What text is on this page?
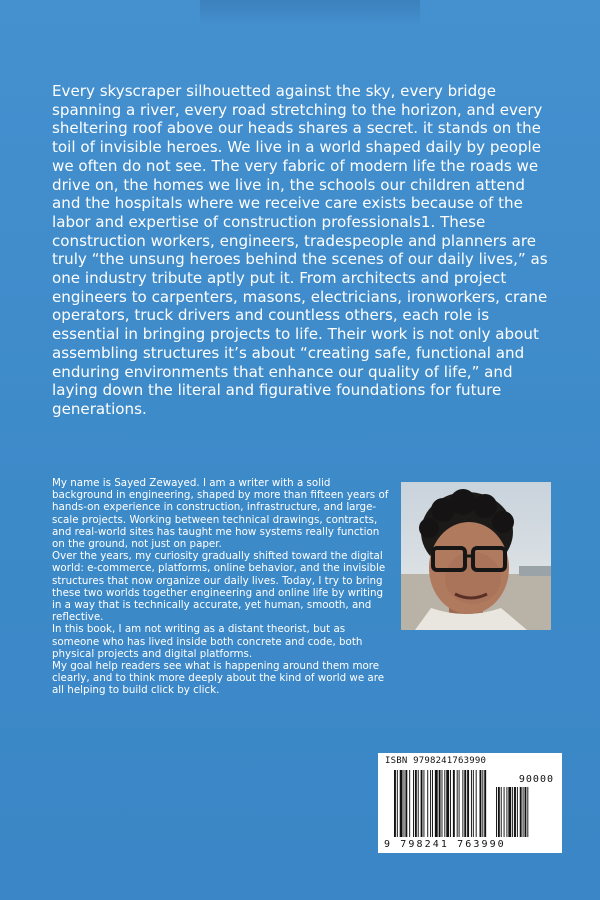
Every skyscraper silhouetted against the sky, every bridge spanning a river, every road stretching to the horizon, and every sheltering roof above our heads shares a secret. it stands on the toil of invisible heroes. We live in a world shaped daily by people we often do not see. The very fabric of modern life the roads we drive on, the homes we live in, the schools our children attend and the hospitals where we receive care exists because of the labor and expertise of construction professionals1. These construction workers, engineers, tradespeople and planners are truly “the unsung heroes behind the scenes of our daily lives,” as one industry tribute aptly put it. From architects and project engineers to carpenters, masons, electricians, ironworkers, crane operators, truck drivers and countless others, each role is essential in bringing projects to life. Their work is not only about assembling structures it’s about “creating safe, functional and enduring environments that enhance our quality of life,” and laying down the literal and figurative foundations for future generations.

My name is Sayed Zewayed. I am a writer with a solid background in engineering, shaped by more than fifteen years of hands-on experience in construction, infrastructure, and large-scale projects. Working between technical drawings, contracts, and real-world sites has taught me how systems really function on the ground, not just on paper.

Over the years, my curiosity gradually shifted toward the digital world: e-commerce, platforms, online behavior, and the invisible structures that now organize our daily lives. Today, I try to bring these two worlds together engineering and online life by writing in a way that is technically accurate, yet human, smooth, and reflective.

In this book, I am not writing as a distant theorist, but as someone who has lived inside both concrete and code, both physical projects and digital platforms.

My goal help readers see what is happening around them more clearly, and to think more deeply about the kind of world we are all helping to build click by click.

ISBN 9798241763990
90000
9 798241 763990
